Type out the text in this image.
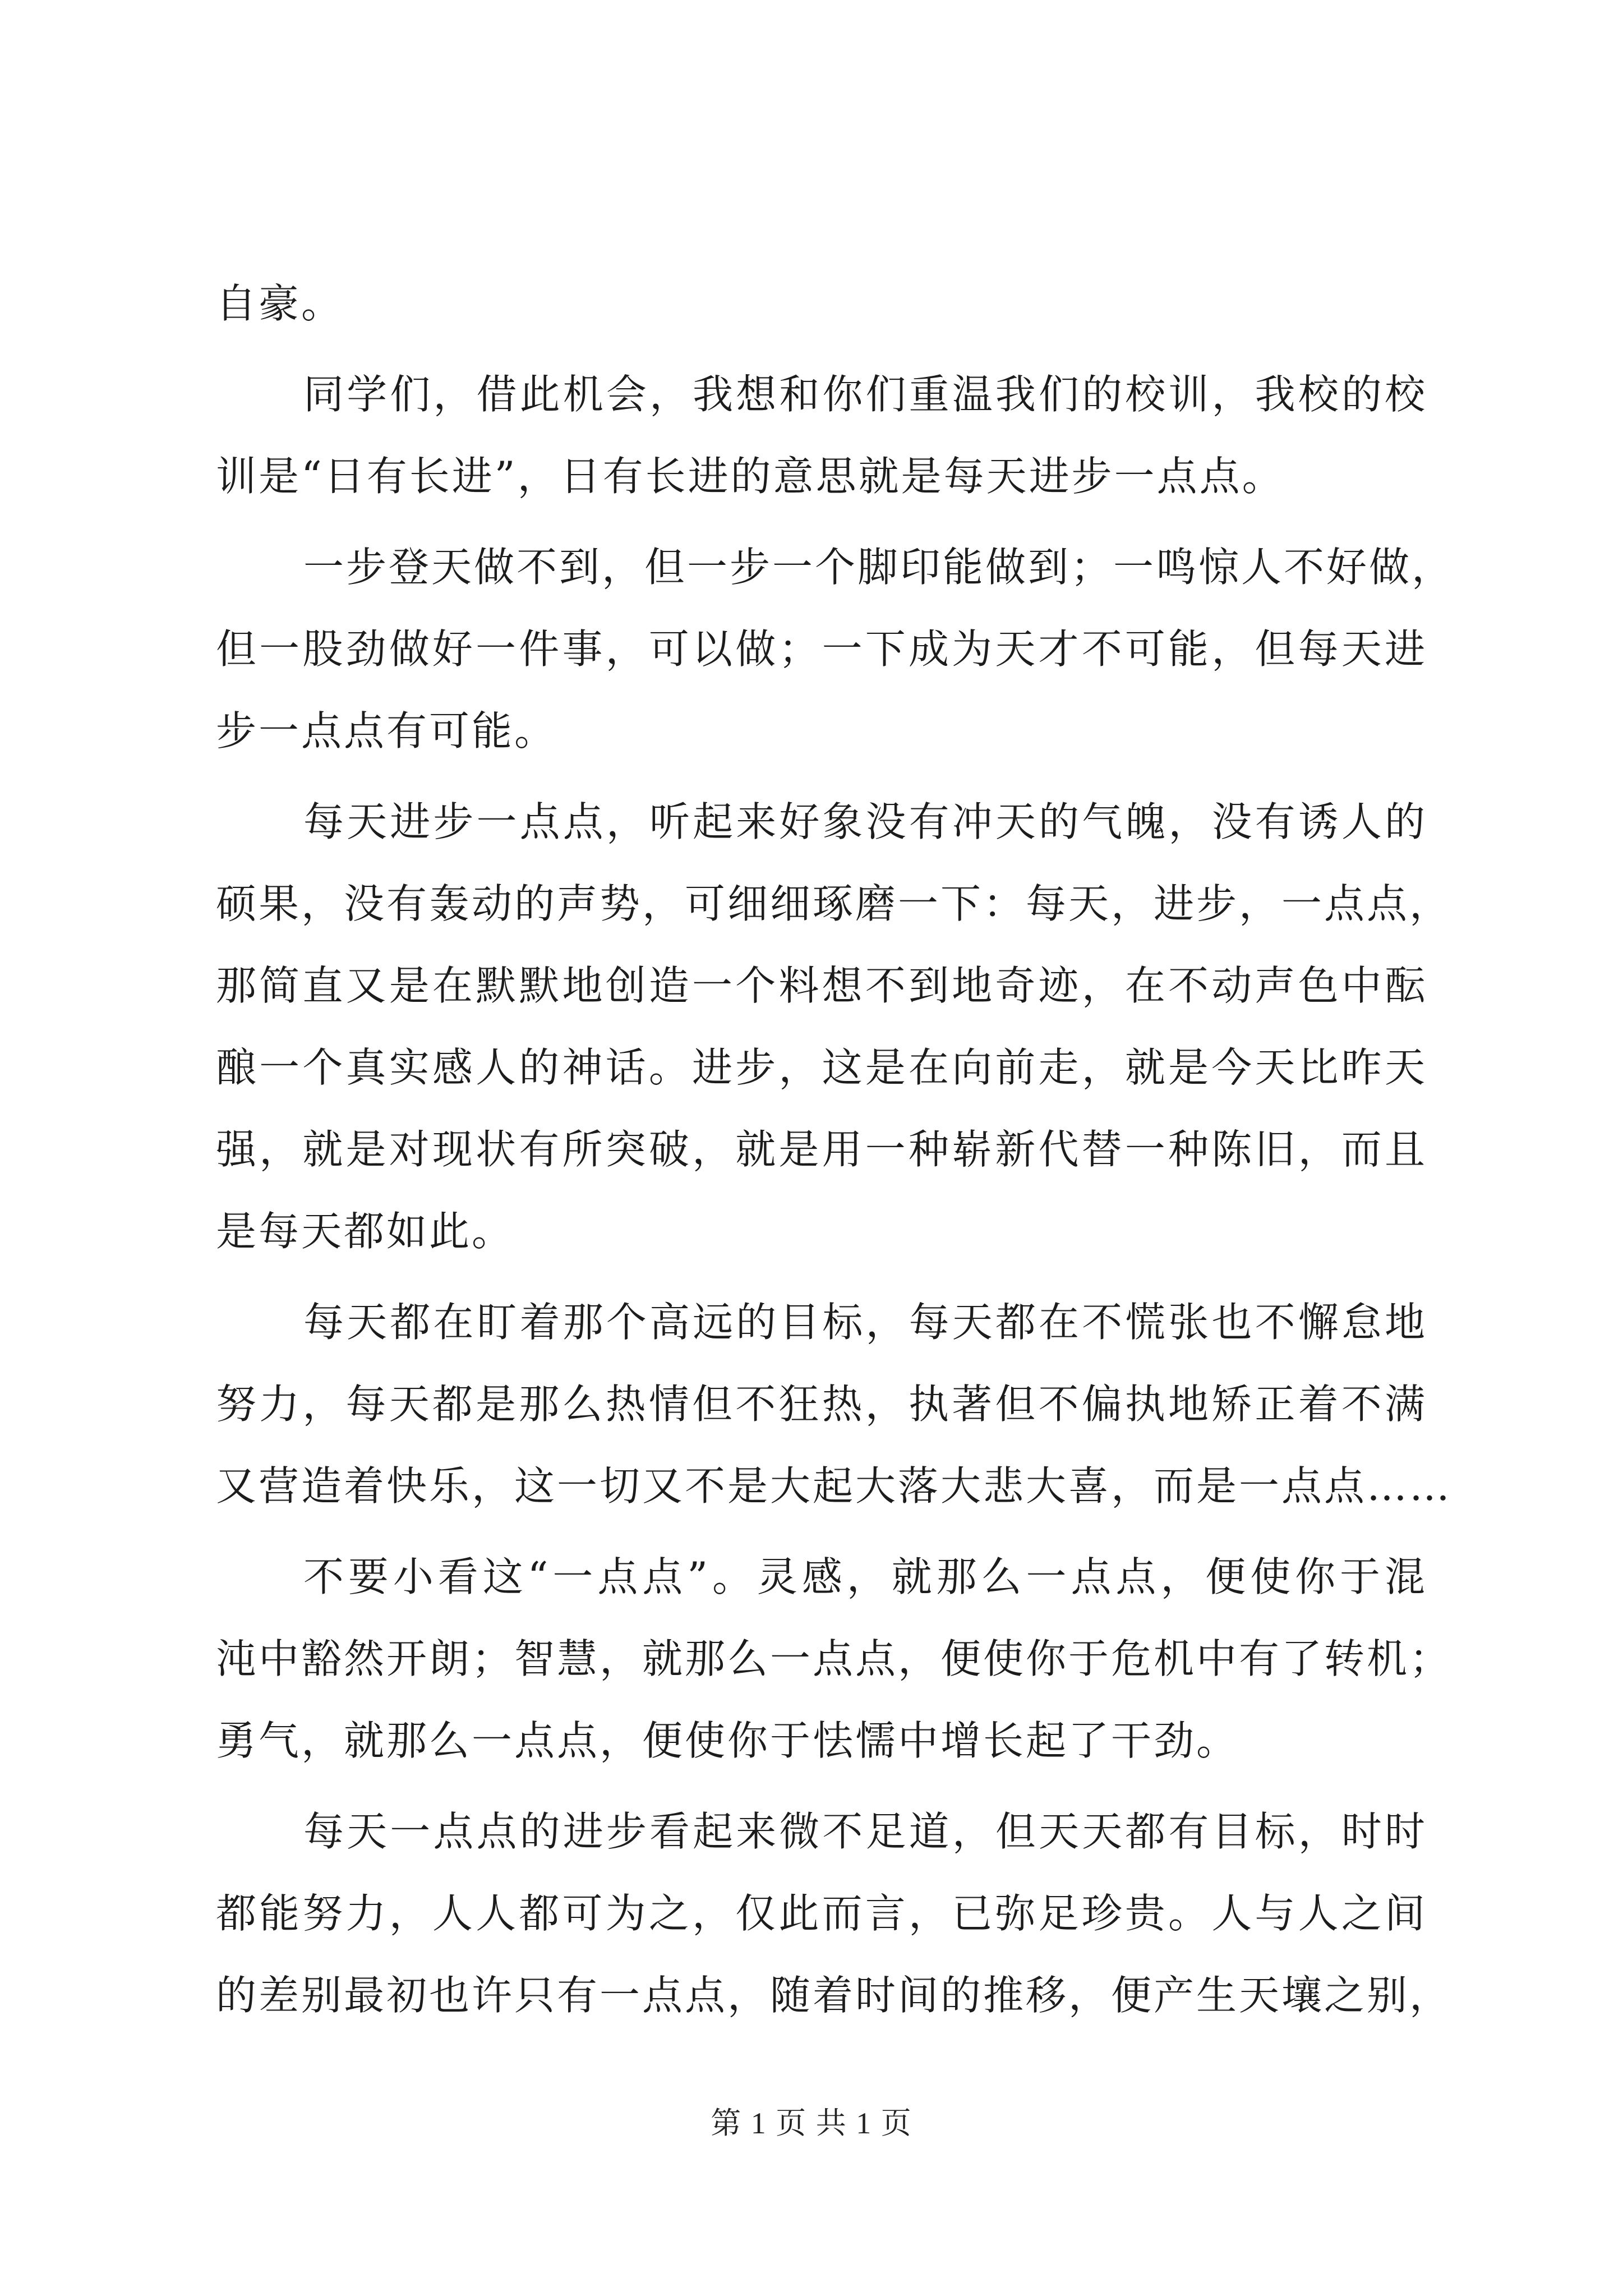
自豪。
同学们，借此机会，我想和你们重温我们的校训，我校的校
训是“日有长进”，日有长进的意思就是每天进步一点点。
一步登天做不到，但一步一个脚印能做到；一鸣惊人不好做，
但一股劲做好一件事，可以做；一下成为天才不可能，但每天进
步一点点有可能。
每天进步一点点，听起来好象没有冲天的气魄，没有诱人的
硕果，没有轰动的声势，可细细琢磨一下：每天，进步，一点点，
那简直又是在默默地创造一个料想不到地奇迹，在不动声色中酝
酿一个真实感人的神话。进步，这是在向前走，就是今天比昨天
强，就是对现状有所突破，就是用一种崭新代替一种陈旧，而且
是每天都如此。
每天都在盯着那个高远的目标，每天都在不慌张也不懈怠地
努力，每天都是那么热情但不狂热，执著但不偏执地矫正着不满
又营造着快乐，这一切又不是大起大落大悲大喜，而是一点点……
不要小看这“一点点”。灵感，就那么一点点，便使你于混
沌中豁然开朗；智慧，就那么一点点，便使你于危机中有了转机；
勇气，就那么一点点，便使你于怯懦中增长起了干劲。
每天一点点的进步看起来微不足道，但天天都有目标，时时
都能努力，人人都可为之，仅此而言，已弥足珍贵。人与人之间
的差别最初也许只有一点点，随着时间的推移，便产生天壤之别，
第 1 页 共 1 页
